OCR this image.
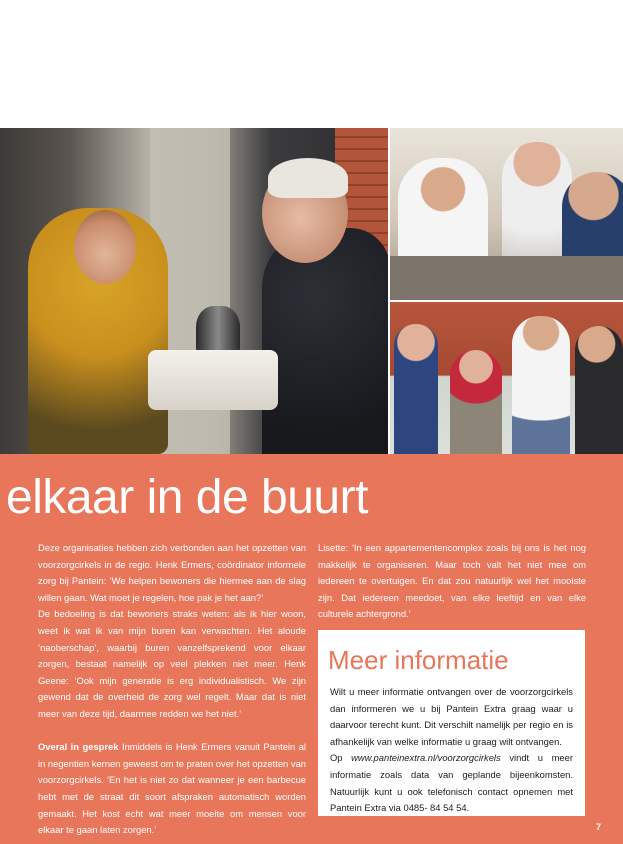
elkaar in de buurt

Deze organisaties hebben zich verbonden aan het opzetten van voorzorgcirkels in de regio. Henk Ermers, coördinator informele zorg bij Pantein: ‘We helpen bewoners die hiermee aan de slag willen gaan. Wat moet je regelen, hoe pak je het aan?’

De bedoeling is dat bewoners straks weten: als ik hier woon, weet ik wat ik van mijn buren kan verwachten. Het aloude ‘naoberschap’, waarbij buren vanzelfsprekend voor elkaar zorgen, bestaat namelijk op veel plekken niet meer. Henk Geene: ‘Ook mijn generatie is erg individualistisch. We zijn gewend dat de overheid de zorg wel regelt. Maar dat is niet meer van deze tijd, daarmee redden we het niet.’

Overal in gesprek Inmiddels is Henk Ermers vanuit Pantein al in negentien kernen geweest om te praten over het opzetten van voorzorgcirkels. ‘En het is niet zo dat wanneer je een barbecue hebt met de straat dit soort afspraken automatisch worden gemaakt. Het kost echt wat meer moeite om mensen voor elkaar te gaan laten zorgen.’

Lisette: ‘In een appartementencomplex zoals bij ons is het nog makkelijk te organiseren. Maar toch valt het niet mee om iedereen te overtuigen. En dat zou natuurlijk wel het mooiste zijn. Dat iedereen meedoet, van elke leeftijd en van elke culturele achtergrond.’

Meer informatie

Wilt u meer informatie ontvangen over de voorzorgcirkels dan informeren we u bij Pantein Extra graag waar u daarvoor terecht kunt. Dit verschilt namelijk per regio en is afhankelijk van welke informatie u graag wilt ontvangen.

Op www.panteinextra.nl/voorzorgcirkels vindt u meer informatie zoals data van geplande bijeenkomsten. Natuurlijk kunt u ook telefonisch contact opnemen met Pantein Extra via 0485- 84 54 54.

7
